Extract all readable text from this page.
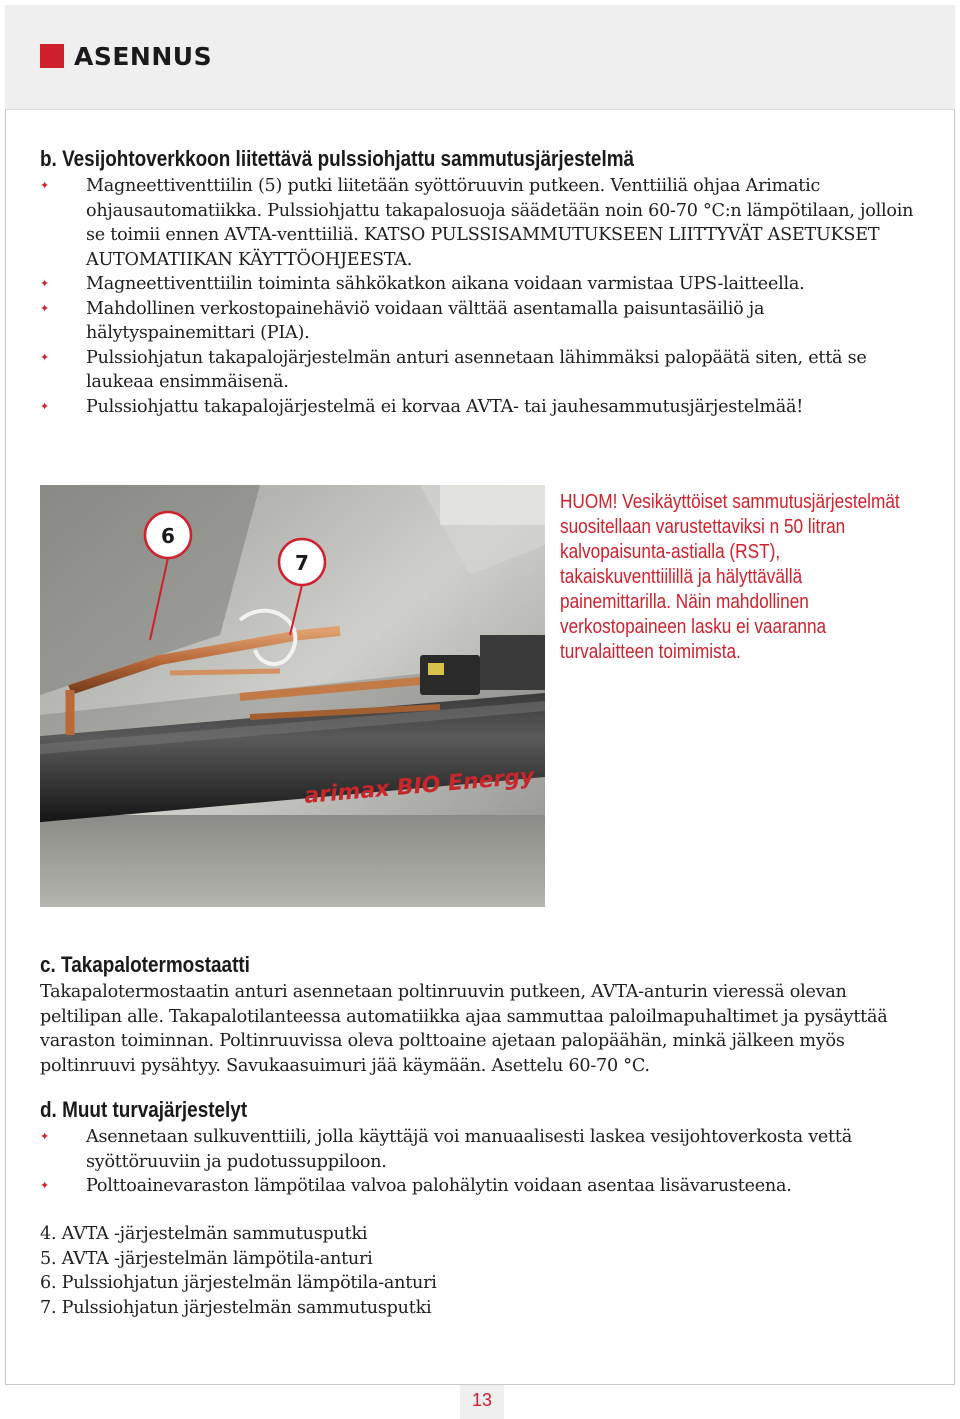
ASENNUS
b. Vesijohtoverkkoon liitettävä pulssiohjattu sammutusjärjestelmä
✦ Magneettiventtiilin (5) putki liitetään syöttöruuvin putkeen. Venttiiliä ohjaa Arimatic ohjausautomatiikka. Pulssiohjattu takapalosuoja säädetään noin 60-70 °C:n lämpötilaan, jolloin se toimii ennen AVTA-venttiiliä. KATSO PULSSISAMMUTUKSEEN LIITTYVÄT ASETUKSET AUTOMATIIKAN KÄYTTÖOHJEESTA.
✦ Magneettiventtiilin toiminta sähkökatkon aikana voidaan varmistaa UPS-laitteella.
✦ Mahdollinen verkostopainehäviö voidaan välttää asentamalla paisuntasäiliö ja hälytyspainemittari (PIA).
✦ Pulssiohjatun takapalojärjestelmän anturi asennetaan lähimmäksi palopäätä siten, että se laukeaa ensimmäisenä.
✦ Pulssiohjattu takapalojärjestelmä ei korvaa AVTA- tai jauhesammutusjärjestelmää!
arimax BIO Energy
6
7

HUOM! Vesikäyttöiset sammutusjärjestelmät suositellaan varustettaviksi n 50 litran kalvopaisunta-astialla (RST), takaiskuventtiilillä ja hälyttävällä painemittarilla. Näin mahdollinen verkostopaineen lasku ei vaaranna turvalaitteen toimimista.

c. Takapalotermostaatti

Takapalotermostaatin anturi asennetaan poltinruuvin putkeen, AVTA-anturin vieressä olevan peltilipan alle. Takapalotilanteessa automatiikka ajaa sammuttaa paloilmapuhaltimet ja pysäyttää varaston toiminnan. Poltinruuvissa oleva polttoaine ajetaan palopäähän, minkä jälkeen myös poltinruuvi pysähtyy. Savukaasuimuri jää käymään. Asettelu 60-70 °C.

d. Muut turvajärjestelyt
✦ Asennetaan sulkuventtiili, jolla käyttäjä voi manuaalisesti laskea vesijohtoverkosta vettä syöttöruuviin ja pudotussuppiloon.
✦ Polttoainevaraston lämpötilaa valvoa palohälytin voidaan asentaa lisävarusteena.
4. AVTA -järjestelmän sammutusputki
5. AVTA -järjestelmän lämpötila-anturi
6. Pulssiohjatun järjestelmän lämpötila-anturi
7. Pulssiohjatun järjestelmän sammutusputki
13
